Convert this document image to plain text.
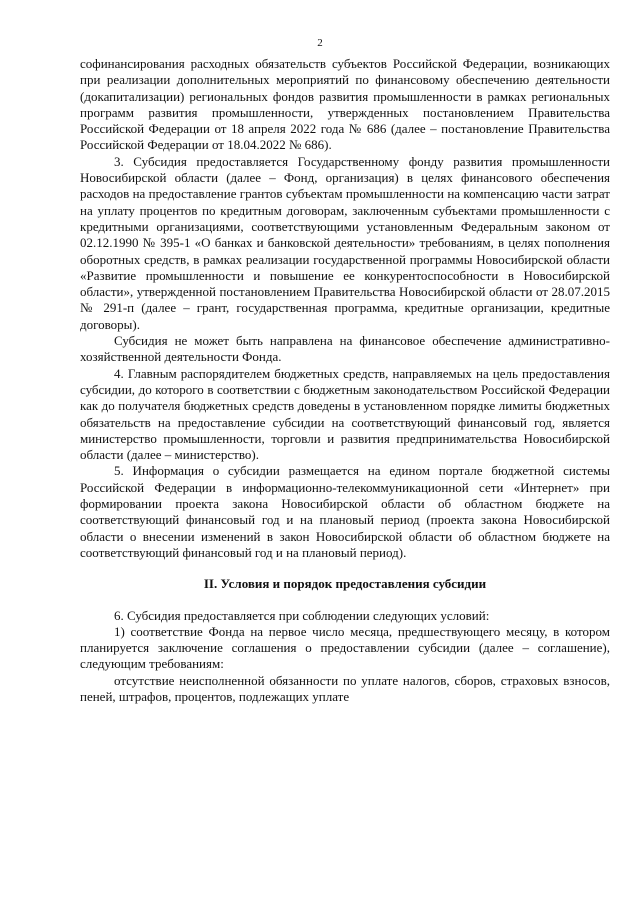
2

софинансирования расходных обязательств субъектов Российской Федерации, возникающих при реализации дополнительных мероприятий по финансовому обеспечению деятельности (докапитализации) региональных фондов развития промышленности в рамках региональных программ развития промышленности, утвержденных постановлением Правительства Российской Федерации от 18 апреля 2022 года № 686 (далее – постановление Правительства Российской Федерации от 18.04.2022 № 686).

3. Субсидия предоставляется Государственному фонду развития промышленности Новосибирской области (далее – Фонд, организация) в целях финансового обеспечения расходов на предоставление грантов субъектам промышленности на компенсацию части затрат на уплату процентов по кредитным договорам, заключенным субъектами промышленности с кредитными организациями, соответствующими установленным Федеральным законом от 02.12.1990 № 395-1 «О банках и банковской деятельности» требованиям, в целях пополнения оборотных средств, в рамках реализации государственной программы Новосибирской области «Развитие промышленности и повышение ее конкурентоспособности в Новосибирской области», утвержденной постановлением Правительства Новосибирской области от 28.07.2015 № 291-п (далее – грант, государственная программа, кредитные организации, кредитные договоры).

Субсидия не может быть направлена на финансовое обеспечение административно-хозяйственной деятельности Фонда.

4. Главным распорядителем бюджетных средств, направляемых на цель предоставления субсидии, до которого в соответствии с бюджетным законодательством Российской Федерации как до получателя бюджетных средств доведены в установленном порядке лимиты бюджетных обязательств на предоставление субсидии на соответствующий финансовый год, является министерство промышленности, торговли и развития предпринимательства Новосибирской области (далее – министерство).

5. Информация о субсидии размещается на едином портале бюджетной системы Российской Федерации в информационно-телекоммуникационной сети «Интернет» при формировании проекта закона Новосибирской области об областном бюджете на соответствующий финансовый год и на плановый период (проекта закона Новосибирской области о внесении изменений в закон Новосибирской области об областном бюджете на соответствующий финансовый год и на плановый период).

II. Условия и порядок предоставления субсидии

6. Субсидия предоставляется при соблюдении следующих условий:

1) соответствие Фонда на первое число месяца, предшествующего месяцу, в котором планируется заключение соглашения о предоставлении субсидии (далее – соглашение), следующим требованиям:

отсутствие неисполненной обязанности по уплате налогов, сборов, страховых взносов, пеней, штрафов, процентов, подлежащих уплате
